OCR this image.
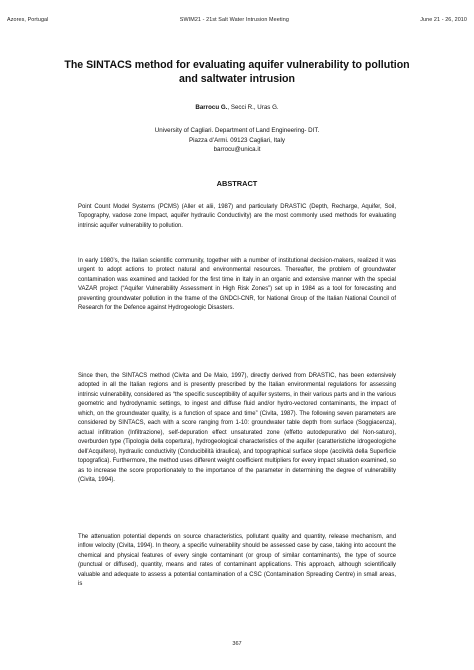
Azores, Portugal	SWIM21 - 21st Salt Water Intrusion Meeting	June 21 - 26, 2010
The SINTACS method for evaluating aquifer vulnerability to pollution and saltwater intrusion
Barrocu G., Secci R., Uras G.
University of Cagliari. Department of Land Engineering- DIT.
Piazza d’Armi. 09123 Cagliari, Italy
barrocu@unica.it
ABSTRACT

Point Count Model Systems (PCMS) (Aller et alii, 1987) and particularly DRASTIC (Depth, Recharge, Aquifer, Soil, Topography, vadose zone Impact, aquifer hydraulic Conductivity) are the most commonly used methods for evaluating intrinsic aquifer vulnerability to pollution.

In early 1980’s, the Italian scientific community, together with a number of institutional decision-makers, realized it was urgent to adopt actions to protect natural and environmental resources. Thereafter, the problem of groundwater contamination was examined and tackled for the first time in Italy in an organic and extensive manner with the special VAZAR project (“Aquifer Vulnerability Assessment in High Risk Zones”) set up in 1984 as a tool for forecasting and preventing groundwater pollution in the frame of the GNDCI-CNR, for National Group of the Italian National Council of Research for the Defence against Hydrogeologic Disasters.

Since then, the SINTACS method (Civita and De Maio, 1997), directly derived from DRASTIC, has been extensively adopted in all the Italian regions and is presently prescribed by the Italian environmental regulations for assessing intrinsic vulnerability, considered as “the specific susceptibility of aquifer systems, in their various parts and in the various geometric and hydrodynamic settings, to ingest and diffuse fluid and/or hydro-vectored contaminants, the impact of which, on the groundwater quality, is a function of space and time” (Civita, 1987). The following seven parameters are considered by SINTACS, each with a score ranging from 1-10: groundwater table depth from surface (Soggiacenza), actual infiltration (Infiltrazione), self-depuration effect unsaturated zone (effetto autodepurativo del Non-saturo), overburden type (Tipologia della copertura), hydrogeological characteristics of the aquifer (caratteristiche idrogeologiche dell’Acquifero), hydraulic conductivity (Conducibilità idraulica), and topographical surface slope (acclività della Superficie topografica). Furthermore, the method uses different weight coefficient multipliers for every impact situation examined, so as to increase the score proportionately to the importance of the parameter in determining the degree of vulnerability (Civita, 1994).

The attenuation potential depends on source characteristics, pollutant quality and quantity, release mechanism, and inflow velocity (Civita, 1994). In theory, a specific vulnerability should be assessed case by case, taking into account the chemical and physical features of every single contaminant (or group of similar contaminants), the type of source (punctual or diffused), quantity, means and rates of contaminant applications. This approach, although scientifically valuable and adequate to assess a potential contamination of a CSC (Contamination Spreading Centre) in small areas, is

367
